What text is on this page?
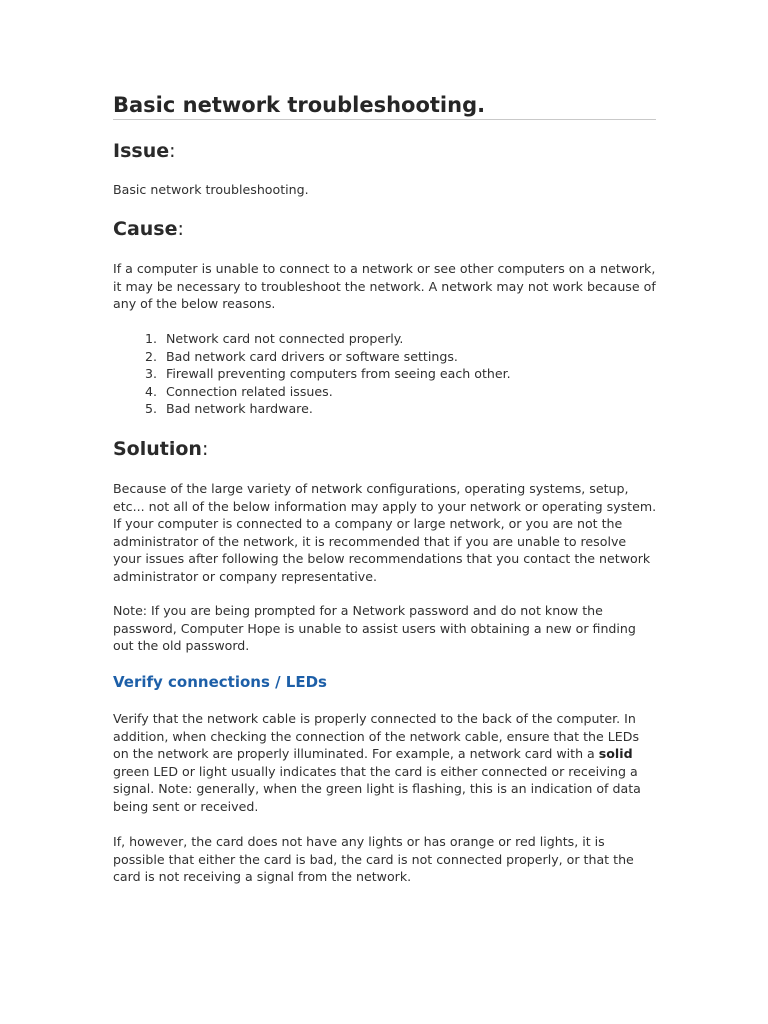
Basic network troubleshooting.
Issue:

Basic network troubleshooting.

Cause:

If a computer is unable to connect to a network or see other computers on a network, it may be necessary to troubleshoot the network. A network may not work because of any of the below reasons.

1. Network card not connected properly.
2. Bad network card drivers or software settings.
3. Firewall preventing computers from seeing each other.
4. Connection related issues.
5. Bad network hardware.
Solution:

Because of the large variety of network configurations, operating systems, setup, etc... not all of the below information may apply to your network or operating system. If your computer is connected to a company or large network, or you are not the administrator of the network, it is recommended that if you are unable to resolve your issues after following the below recommendations that you contact the network administrator or company representative.

Note: If you are being prompted for a Network password and do not know the password, Computer Hope is unable to assist users with obtaining a new or finding out the old password.

Verify connections / LEDs

Verify that the network cable is properly connected to the back of the computer. In addition, when checking the connection of the network cable, ensure that the LEDs on the network are properly illuminated. For example, a network card with a solid green LED or light usually indicates that the card is either connected or receiving a signal. Note: generally, when the green light is flashing, this is an indication of data being sent or received.

If, however, the card does not have any lights or has orange or red lights, it is possible that either the card is bad, the card is not connected properly, or that the card is not receiving a signal from the network.
